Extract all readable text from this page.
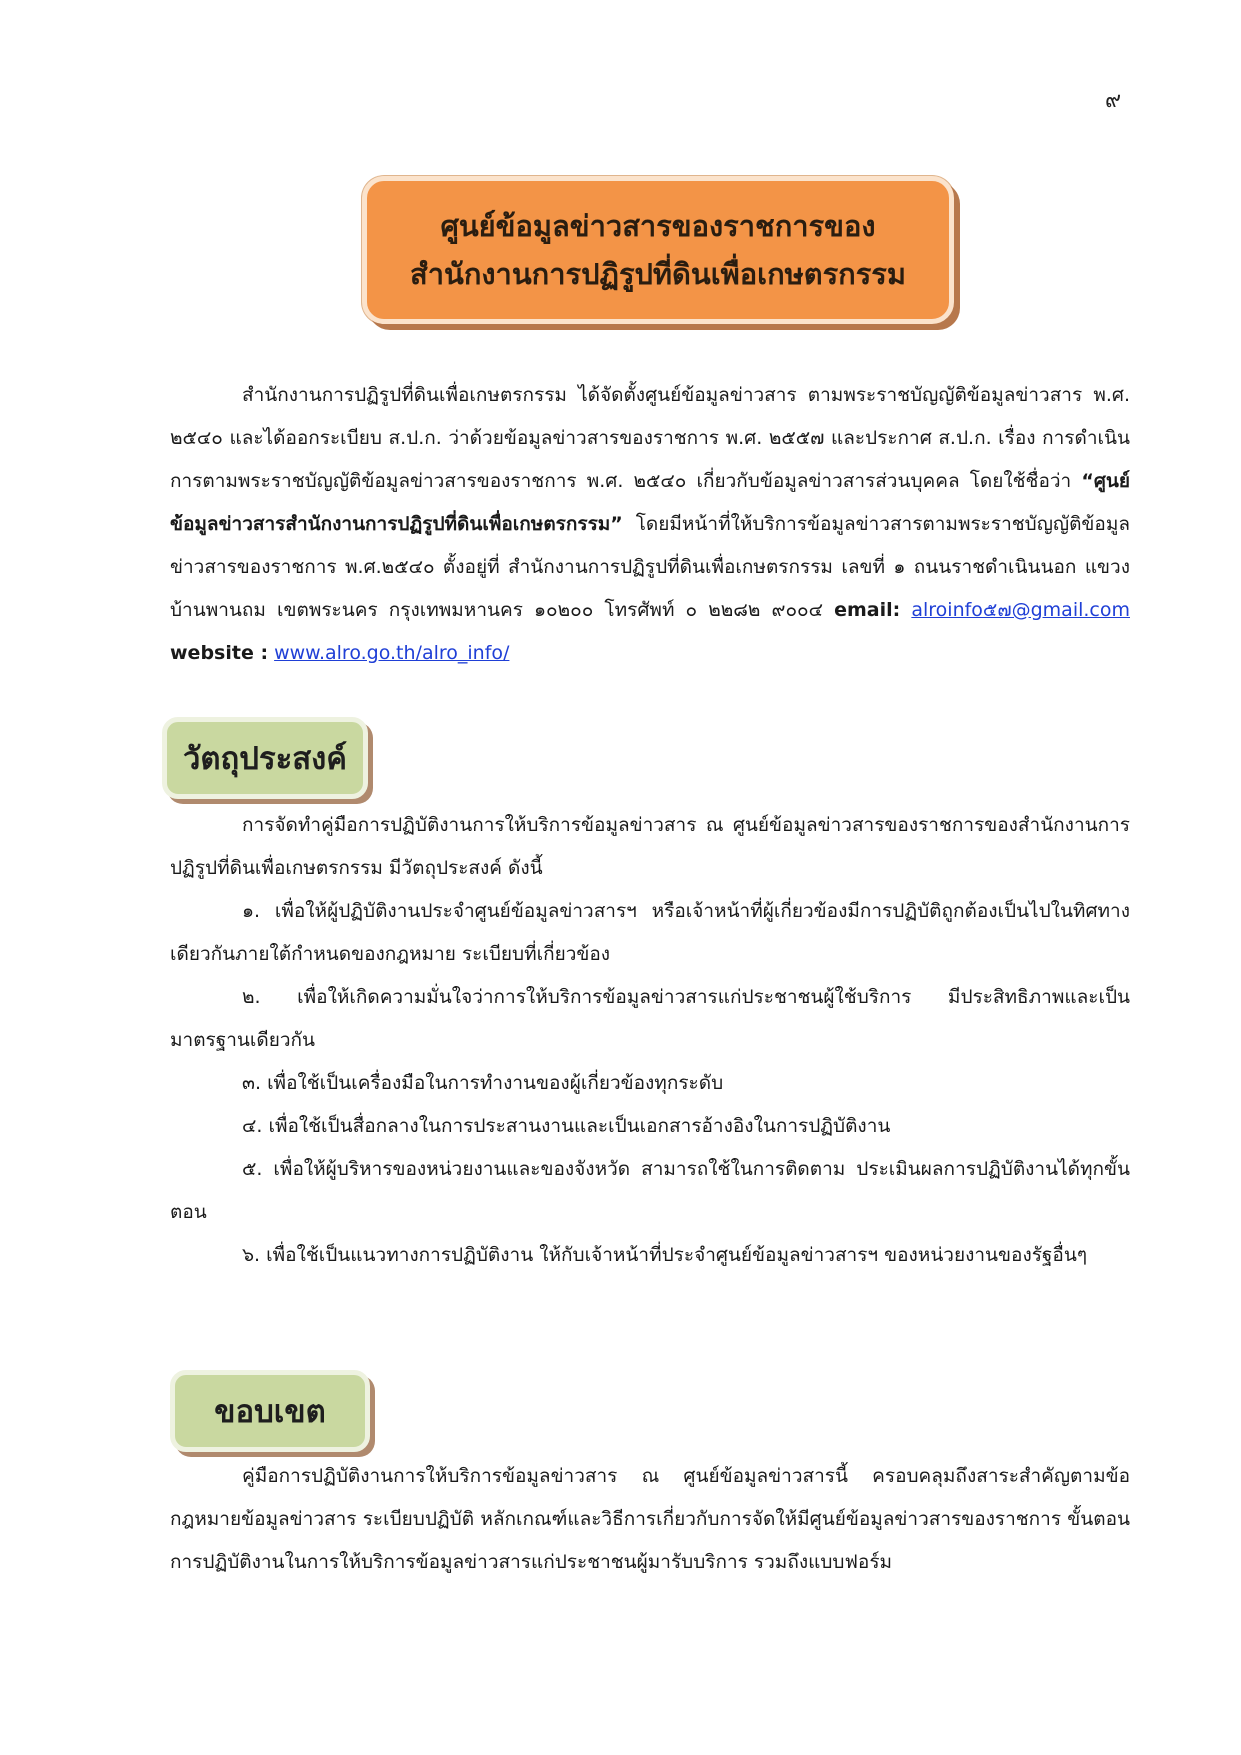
๙
ศูนย์ข้อมูลข่าวสารของราชการของ
สำนักงานการปฏิรูปที่ดินเพื่อเกษตรกรรม

สำนักงานการปฏิรูปที่ดินเพื่อเกษตรกรรม ได้จัดตั้งศูนย์ข้อมูลข่าวสาร ตามพระราชบัญญัติข้อมูลข่าวสาร พ.ศ. ๒๕๔๐ และได้ออกระเบียบ ส.ป.ก. ว่าด้วยข้อมูลข่าวสารของราชการ พ.ศ. ๒๕๕๗ และประกาศ ส.ป.ก. เรื่อง การดำเนินการตามพระราชบัญญัติข้อมูลข่าวสารของราชการ พ.ศ. ๒๕๔๐ เกี่ยวกับข้อมูลข่าวสารส่วนบุคคล โดยใช้ชื่อว่า “ศูนย์ข้อมูลข่าวสารสำนักงานการปฏิรูปที่ดินเพื่อเกษตรกรรม” โดยมีหน้าที่ให้บริการข้อมูลข่าวสารตามพระราชบัญญัติข้อมูลข่าวสารของราชการ พ.ศ.๒๕๔๐ ตั้งอยู่ที่ สำนักงานการปฏิรูปที่ดินเพื่อเกษตรกรรม เลขที่ ๑ ถนนราชดำเนินนอก แขวงบ้านพานถม เขตพระนคร กรุงเทพมหานคร ๑๐๒๐๐ โทรศัพท์ ๐ ๒๒๘๒ ๙๐๐๔ email: alroinfo๕๗@gmail.com website : www.alro.go.th/alro_info/

วัตถุประสงค์

การจัดทำคู่มือการปฏิบัติงานการให้บริการข้อมูลข่าวสาร ณ ศูนย์ข้อมูลข่าวสารของราชการของสำนักงานการปฏิรูปที่ดินเพื่อเกษตรกรรม มีวัตถุประสงค์ ดังนี้

๑. เพื่อให้ผู้ปฏิบัติงานประจำศูนย์ข้อมูลข่าวสารฯ หรือเจ้าหน้าที่ผู้เกี่ยวข้องมีการปฏิบัติถูกต้องเป็นไปในทิศทางเดียวกันภายใต้กำหนดของกฎหมาย ระเบียบที่เกี่ยวข้อง

๒. เพื่อให้เกิดความมั่นใจว่าการให้บริการข้อมูลข่าวสารแก่ประชาชนผู้ใช้บริการ มีประสิทธิภาพและเป็นมาตรฐานเดียวกัน

๓. เพื่อใช้เป็นเครื่องมือในการทำงานของผู้เกี่ยวข้องทุกระดับ

๔. เพื่อใช้เป็นสื่อกลางในการประสานงานและเป็นเอกสารอ้างอิงในการปฏิบัติงาน

๕. เพื่อให้ผู้บริหารของหน่วยงานและของจังหวัด สามารถใช้ในการติดตาม ประเมินผลการปฏิบัติงานได้ทุกขั้นตอน

๖. เพื่อใช้เป็นแนวทางการปฏิบัติงาน ให้กับเจ้าหน้าที่ประจำศูนย์ข้อมูลข่าวสารฯ ของหน่วยงานของรัฐอื่นๆ

ขอบเขต

คู่มือการปฏิบัติงานการให้บริการข้อมูลข่าวสาร ณ ศูนย์ข้อมูลข่าวสารนี้ ครอบคลุมถึงสาระสำคัญตามข้อกฎหมายข้อมูลข่าวสาร ระเบียบปฏิบัติ หลักเกณฑ์และวิธีการเกี่ยวกับการจัดให้มีศูนย์ข้อมูลข่าวสารของราชการ ขั้นตอนการปฏิบัติงานในการให้บริการข้อมูลข่าวสารแก่ประชาชนผู้มารับบริการ รวมถึงแบบฟอร์ม
